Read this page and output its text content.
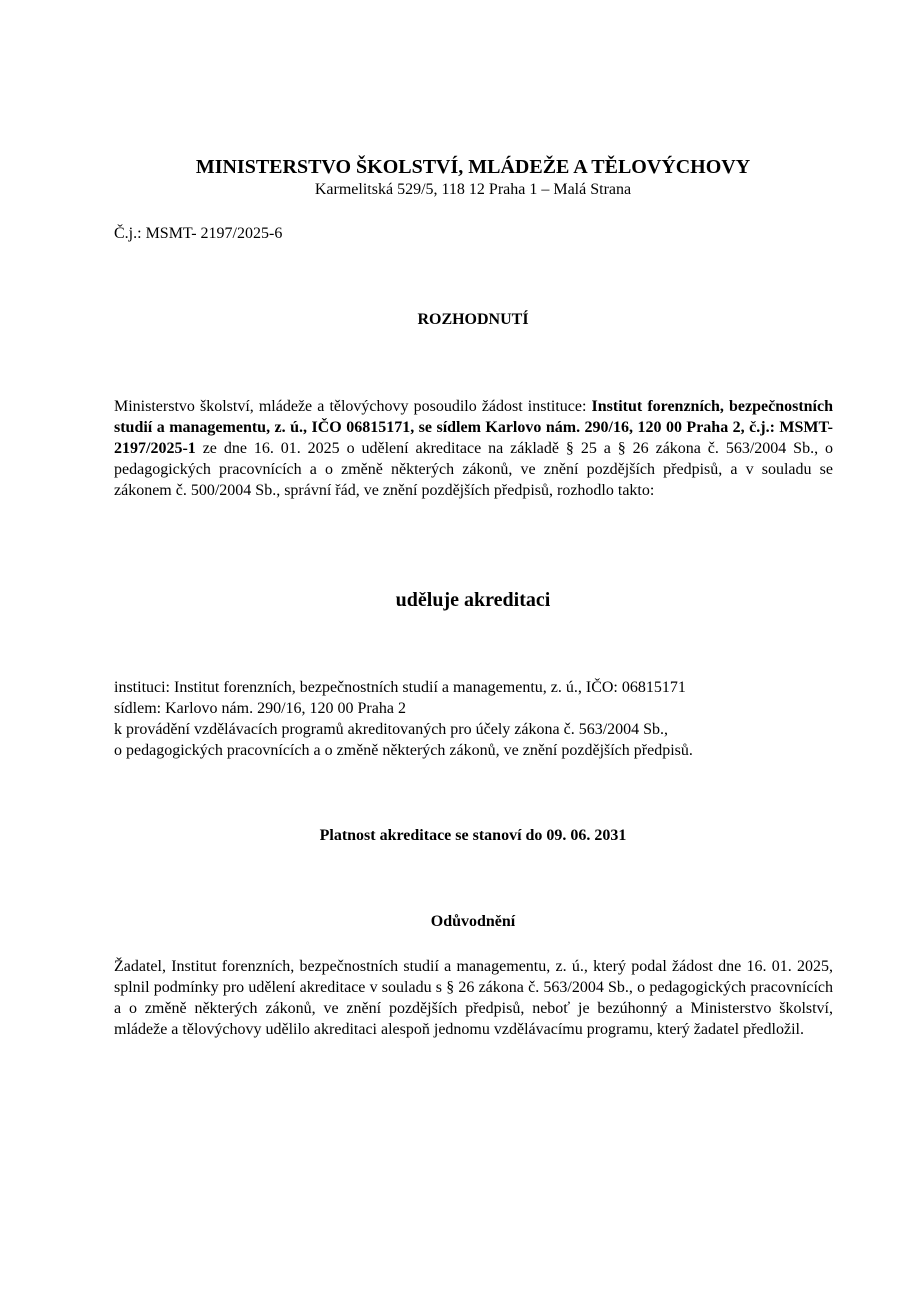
MINISTERSTVO ŠKOLSTVÍ, MLÁDEŽE A TĚLOVÝCHOVY
Karmelitská 529/5, 118 12 Praha 1 – Malá Strana
Č.j.: MSMT- 2197/2025-6
ROZHODNUTÍ
Ministerstvo školství, mládeže a tělovýchovy posoudilo žádost instituce: Institut forenzních, bezpečnostních studií a managementu, z. ú., IČO 06815171, se sídlem Karlovo nám. 290/16, 120 00 Praha 2, č.j.: MSMT- 2197/2025-1 ze dne 16. 01. 2025 o udělení akreditace na základě § 25 a § 26 zákona č. 563/2004 Sb., o pedagogických pracovnících a o změně některých zákonů, ve znění pozdějších předpisů, a v souladu se zákonem č. 500/2004 Sb., správní řád, ve znění pozdějších předpisů, rozhodlo takto:
uděluje akreditaci
instituci: Institut forenzních, bezpečnostních studií a managementu, z. ú., IČO: 06815171
sídlem: Karlovo nám. 290/16, 120 00 Praha 2
k provádění vzdělávacích programů akreditovaných pro účely zákona č. 563/2004 Sb.,
o pedagogických pracovnících a o změně některých zákonů, ve znění pozdějších předpisů.
Platnost akreditace se stanoví do 09. 06. 2031
Odůvodnění
Žadatel, Institut forenzních, bezpečnostních studií a managementu, z. ú., který podal žádost dne 16. 01. 2025, splnil podmínky pro udělení akreditace v souladu s § 26 zákona č. 563/2004 Sb., o pedagogických pracovnících a o změně některých zákonů, ve znění pozdějších předpisů, neboť je bezúhonný a Ministerstvo školství, mládeže a tělovýchovy udělilo akreditaci alespoň jednomu vzdělávacímu programu, který žadatel předložil.
